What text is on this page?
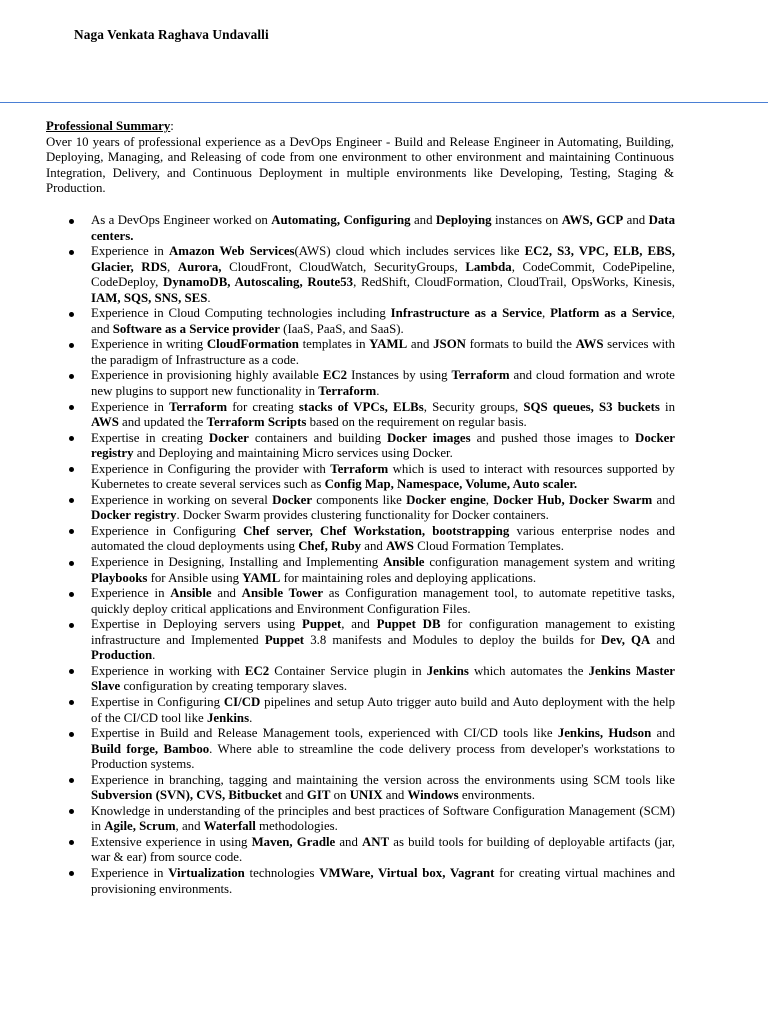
Naga Venkata Raghava Undavalli

Professional Summary:

Over 10 years of professional experience as a DevOps Engineer - Build and Release Engineer in Automating, Building, Deploying, Managing, and Releasing of code from one environment to other environment and maintaining Continuous Integration, Delivery, and Continuous Deployment in multiple environments like Developing, Testing, Staging & Production.

As a DevOps Engineer worked on Automating, Configuring and Deploying instances on AWS, GCP and Data centers.
Experience in Amazon Web Services(AWS) cloud which includes services like EC2, S3, VPC, ELB, EBS, Glacier, RDS, Aurora, CloudFront, CloudWatch, SecurityGroups, Lambda, CodeCommit, CodePipeline, CodeDeploy, DynamoDB, Autoscaling, Route53, RedShift, CloudFormation, CloudTrail, OpsWorks, Kinesis, IAM, SQS, SNS, SES.
Experience in Cloud Computing technologies including Infrastructure as a Service, Platform as a Service, and Software as a Service provider (IaaS, PaaS, and SaaS).
Experience in writing CloudFormation templates in YAML and JSON formats to build the AWS services with the paradigm of Infrastructure as a code.
Experience in provisioning highly available EC2 Instances by using Terraform and cloud formation and wrote new plugins to support new functionality in Terraform.
Experience in Terraform for creating stacks of VPCs, ELBs, Security groups, SQS queues, S3 buckets in AWS and updated the Terraform Scripts based on the requirement on regular basis.
Expertise in creating Docker containers and building Docker images and pushed those images to Docker registry and Deploying and maintaining Micro services using Docker.
Experience in Configuring the provider with Terraform which is used to interact with resources supported by Kubernetes to create several services such as Config Map, Namespace, Volume, Auto scaler.
Experience in working on several Docker components like Docker engine, Docker Hub, Docker Swarm and Docker registry. Docker Swarm provides clustering functionality for Docker containers.
Experience in Configuring Chef server, Chef Workstation, bootstrapping various enterprise nodes and automated the cloud deployments using Chef, Ruby and AWS Cloud Formation Templates.
Experience in Designing, Installing and Implementing Ansible configuration management system and writing Playbooks for Ansible using YAML for maintaining roles and deploying applications.
Experience in Ansible and Ansible Tower as Configuration management tool, to automate repetitive tasks, quickly deploy critical applications and Environment Configuration Files.
Expertise in Deploying servers using Puppet, and Puppet DB for configuration management to existing infrastructure and Implemented Puppet 3.8 manifests and Modules to deploy the builds for Dev, QA and Production.
Experience in working with EC2 Container Service plugin in Jenkins which automates the Jenkins Master Slave configuration by creating temporary slaves.
Expertise in Configuring CI/CD pipelines and setup Auto trigger auto build and Auto deployment with the help of the CI/CD tool like Jenkins.
Expertise in Build and Release Management tools, experienced with CI/CD tools like Jenkins, Hudson and Build forge, Bamboo. Where able to streamline the code delivery process from developer's workstations to Production systems.
Experience in branching, tagging and maintaining the version across the environments using SCM tools like Subversion (SVN), CVS, Bitbucket and GIT on UNIX and Windows environments.
Knowledge in understanding of the principles and best practices of Software Configuration Management (SCM) in Agile, Scrum, and Waterfall methodologies.
Extensive experience in using Maven, Gradle and ANT as build tools for building of deployable artifacts (jar, war & ear) from source code.
Experience in Virtualization technologies VMWare, Virtual box, Vagrant for creating virtual machines and provisioning environments.
